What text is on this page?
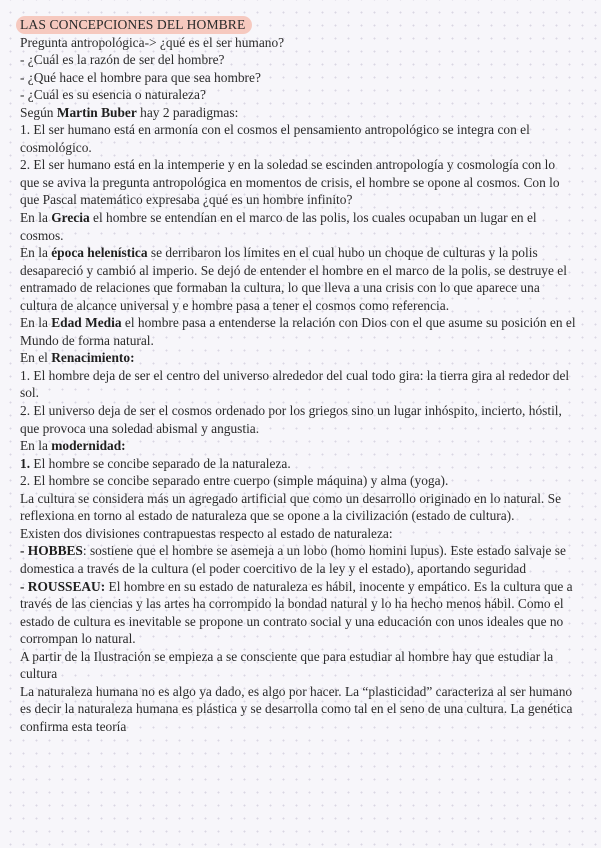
LAS CONCEPCIONES DEL HOMBRE

Pregunta antropológica-> ¿qué es el ser humano?

- ¿Cuál es la razón de ser del hombre?

- ¿Qué hace el hombre para que sea hombre?

- ¿Cuál es su esencia o naturaleza?

Según Martin Buber hay 2 paradigmas:

1. El ser humano está en armonía con el cosmos el pensamiento antropológico se integra con el cosmológico.

2. El ser humano está en la intemperie y en la soledad se escinden antropología y cosmología con lo que se aviva la pregunta antropológica en momentos de crisis, el hombre se opone al cosmos. Con lo que Pascal matemático expresaba ¿qué es un hombre infinito?

En la Grecia el hombre se entendían en el marco de las polis, los cuales ocupaban un lugar en el cosmos.

En la época helenística se derribaron los límites en el cual hubo un choque de culturas y la polis desapareció y cambió al imperio. Se dejó de entender el hombre en el marco de la polis, se destruye el entramado de relaciones que formaban la cultura, lo que lleva a una crisis con lo que aparece una cultura de alcance universal y e hombre pasa a tener el cosmos como referencia.

En la Edad Media el hombre pasa a entenderse la relación con Dios con el que asume su posición en el Mundo de forma natural.

En el Renacimiento:

1. El hombre deja de ser el centro del universo alrededor del cual todo gira: la tierra gira al rededor del sol.

2. El universo deja de ser el cosmos ordenado por los griegos sino un lugar inhóspito, incierto, hóstil, que provoca una soledad abismal y angustia.

En la modernidad:

1. El hombre se concibe separado de la naturaleza.

2. El hombre se concibe separado entre cuerpo (simple máquina) y alma (yoga).

La cultura se considera más un agregado artificial que como un desarrollo originado en lo natural. Se reflexiona en torno al estado de naturaleza que se opone a la civilización (estado de cultura).

Existen dos divisiones contrapuestas respecto al estado de naturaleza:

- HOBBES: sostiene que el hombre se asemeja a un lobo (homo homini lupus). Este estado salvaje se domestica a través de la cultura (el poder coercitivo de la ley y el estado), aportando seguridad

- ROUSSEAU: El hombre en su estado de naturaleza es hábil, inocente y empático. Es la cultura que a través de las ciencias y las artes ha corrompido la bondad natural y lo ha hecho menos hábil. Como el estado de cultura es inevitable se propone un contrato social y una educación con unos ideales que no corrompan lo natural.

A partir de la Ilustración se empieza a se consciente que para estudiar al hombre hay que estudiar la cultura

La naturaleza humana no es algo ya dado, es algo por hacer. La “plasticidad” caracteriza al ser humano es decir la naturaleza humana es plástica y se desarrolla como tal en el seno de una cultura. La genética confirma esta teoría
